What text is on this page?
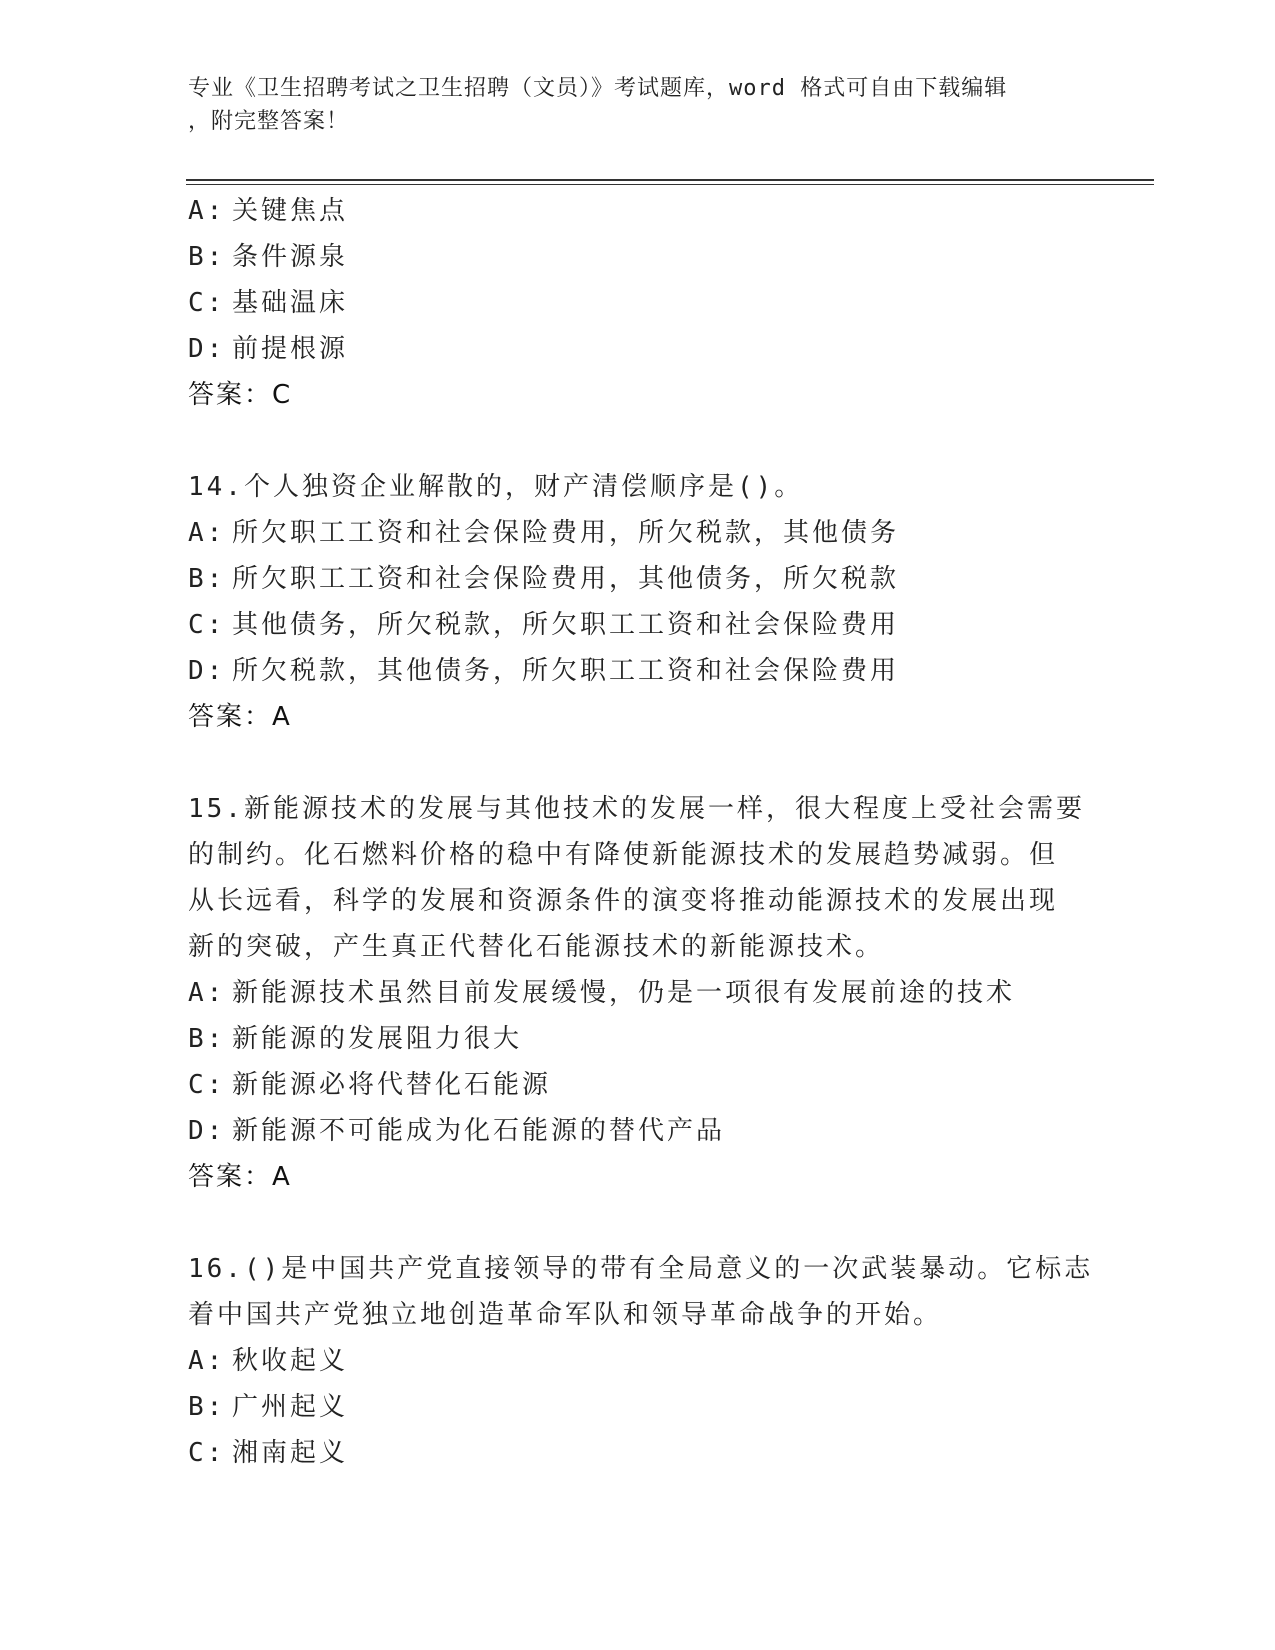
专业《卫生招聘考试之卫生招聘（文员）》考试题库，word 格式可自由下载编辑
，附完整答案！
A: 关键焦点
B: 条件源泉
C: 基础温床
D: 前提根源
答案：C
14.个人独资企业解散的，财产清偿顺序是()。
A: 所欠职工工资和社会保险费用，所欠税款，其他债务
B: 所欠职工工资和社会保险费用，其他债务，所欠税款
C: 其他债务，所欠税款，所欠职工工资和社会保险费用
D: 所欠税款，其他债务，所欠职工工资和社会保险费用
答案：A
15.新能源技术的发展与其他技术的发展一样，很大程度上受社会需要
的制约。化石燃料价格的稳中有降使新能源技术的发展趋势减弱。但
从长远看，科学的发展和资源条件的演变将推动能源技术的发展出现
新的突破，产生真正代替化石能源技术的新能源技术。
A: 新能源技术虽然目前发展缓慢，仍是一项很有发展前途的技术
B: 新能源的发展阻力很大
C: 新能源必将代替化石能源
D: 新能源不可能成为化石能源的替代产品
答案：A
16.()是中国共产党直接领导的带有全局意义的一次武装暴动。它标志
着中国共产党独立地创造革命军队和领导革命战争的开始。
A: 秋收起义
B: 广州起义
C: 湘南起义
